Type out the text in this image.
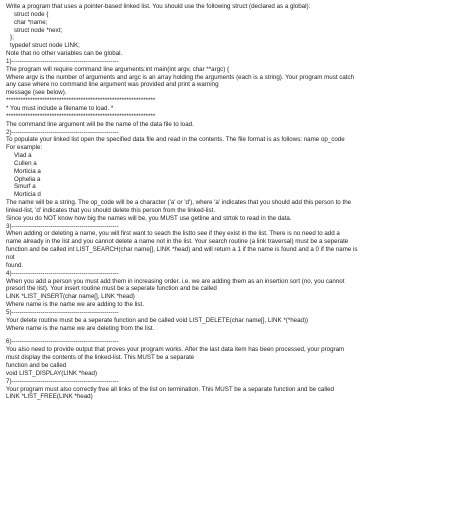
Write a program that uses a pointer-based linked list. You should use the following struct (declared as a global):
struct node {
char *name;
struct node *next;
};
typedef struct node LINK;
Note that no other variables can be global.
1)----------------------------------------------------
The program will require command line arguments:int main(int argv, char **argc) {
Where argv is the number of arguments and argc is an array holding the arguments (each is a string). Your program must catch
any case where no command line argument was provided and print a warning
message (see below).
**************************************************************
* You must include a filename to load. *
**************************************************************
The command line argument will be the name of the data file to load.
2)----------------------------------------------------
To populate your linked list open the specified data file and read in the contents. The file format is as follows: name op_code
For example:
Vlad a
Cullen a
Morticia a
Ophelia a
Smurf a
Morticia d
The name will be a string. The op_code will be a character ('a' or 'd'), where 'a' indicates that you should add this person to the
linked-list, 'd' indicates that you should delete this person from the linked-list.
Since you do NOT know how big the names will be, you MUST use getline and strtok to read in the data.
3)----------------------------------------------------
When adding or deleting a name, you will first want to seach the listto see if they exist in the list. There is no need to add a
name already in the list and you cannot delete a name not in the list. Your search routine (a link traversal) must be a seperate
function and be called int LIST_SEARCH(char name[], LINK *head) and will return a 1 if the name is found and a 0 if the name is
not
found.
4)----------------------------------------------------
When you add a person you must add them in increasing order. i.e. we are adding them as an insertion sort (no, you cannot
presort the list). Your insert routine must be a seperate function and be called
LINK *LIST_INSERT(char name[], LINK *head)
Where name is the name we are adding to the list.
5)----------------------------------------------------
Your delete routine must be a seperate function and be called void LIST_DELETE(char name[], LINK *(*head))
Where name is the name we are deleting from the list.
6)----------------------------------------------------
You also need to provide output that proves your program works. After the last data item has been processed, your program
must display the contents of the linked-list. This MUST be a separate
function and be called
void LIST_DISPLAY(LINK *head)
7)----------------------------------------------------
Your program must also correctly free all links of the list on termination. This MUST be a separate function and be called
LINK *LIST_FREE(LINK *head)
